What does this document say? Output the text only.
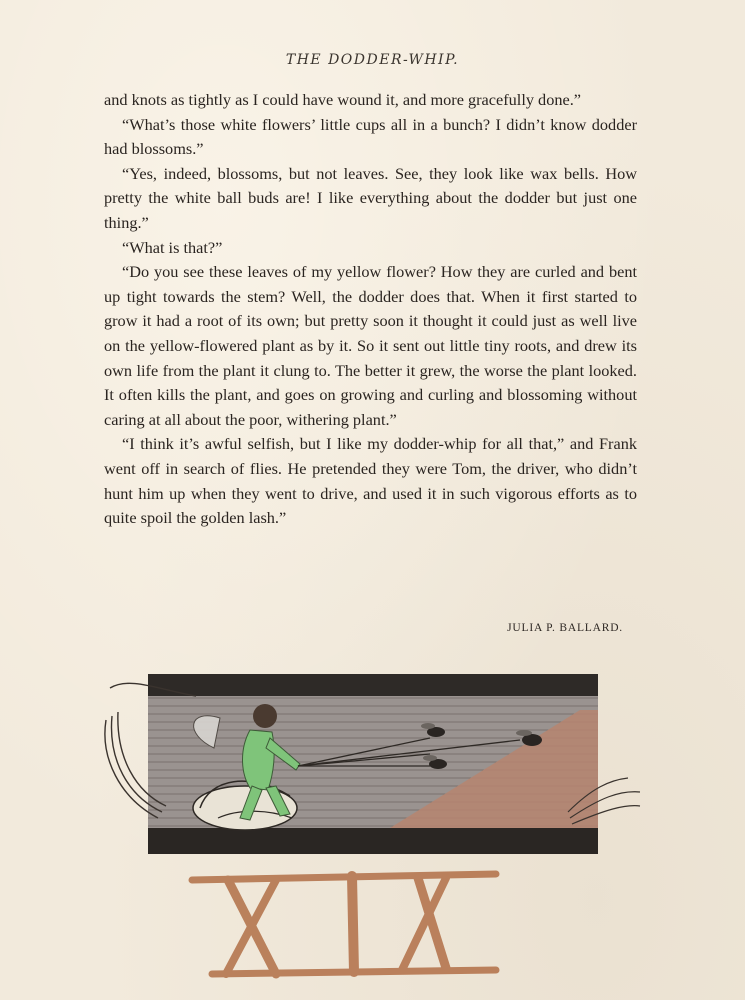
THE DODDER-WHIP.

and knots as tightly as I could have wound it, and more gracefully done.”

“What’s those white flowers’ little cups all in a bunch? I didn’t know dodder had blossoms.”

“Yes, indeed, blossoms, but not leaves. See, they look like wax bells. How pretty the white ball buds are! I like everything about the dodder but just one thing.”

“What is that?”

“Do you see these leaves of my yellow flower? How they are curled and bent up tight towards the stem? Well, the dodder does that. When it first started to grow it had a root of its own; but pretty soon it thought it could just as well live on the yellow-flowered plant as by it. So it sent out little tiny roots, and drew its own life from the plant it clung to. The better it grew, the worse the plant looked. It often kills the plant, and goes on growing and curling and blossoming without caring at all about the poor, withering plant.”

“I think it’s awful selfish, but I like my dodder-whip for all that,” and Frank went off in search of flies. He pretended they were Tom, the driver, who didn’t hunt him up when they went to drive, and used it in such vigorous efforts as to quite spoil the golden lash.”

JULIA P. BALLARD.
